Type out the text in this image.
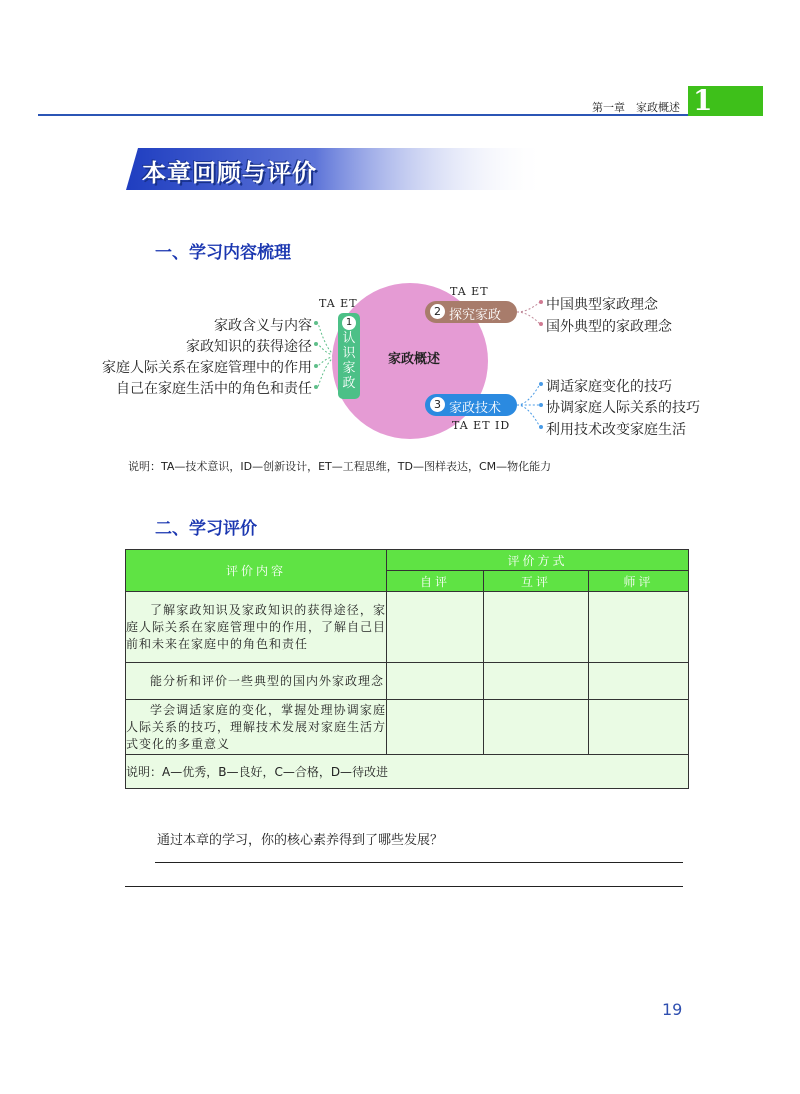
第一章　家政概述 1
本章回顾与评价
一、学习内容梳理
家政概述
TA ET
1
认识家政
家政含义与内容
家政知识的获得途径
家庭人际关系在家庭管理中的作用
自己在家庭生活中的角色和责任
TA ET
2 探究家政
中国典型家政理念
国外典型的家政理念
3 家政技术
TA ET ID
调适家庭变化的技巧
协调家庭人际关系的技巧
利用技术改变家庭生活
说明：TA—技术意识，ID—创新设计，ET—工程思维，TD—图样表达，CM—物化能力
二、学习评价
评价内容	评价方式		
	自评	互评	师评

了解家政知识及家政知识的获得途径，家庭人际关系在家庭管理中的作用，了解自己目前和未来在家庭中的角色和责任			

能分析和评价一些典型的国内外家政理念			

学会调适家庭的变化，掌握处理协调家庭人际关系的技巧，理解技术发展对家庭生活方式变化的多重意义			

说明：A—优秀，B—良好，C—合格，D—待改进			
通过本章的学习，你的核心素养得到了哪些发展？
19
